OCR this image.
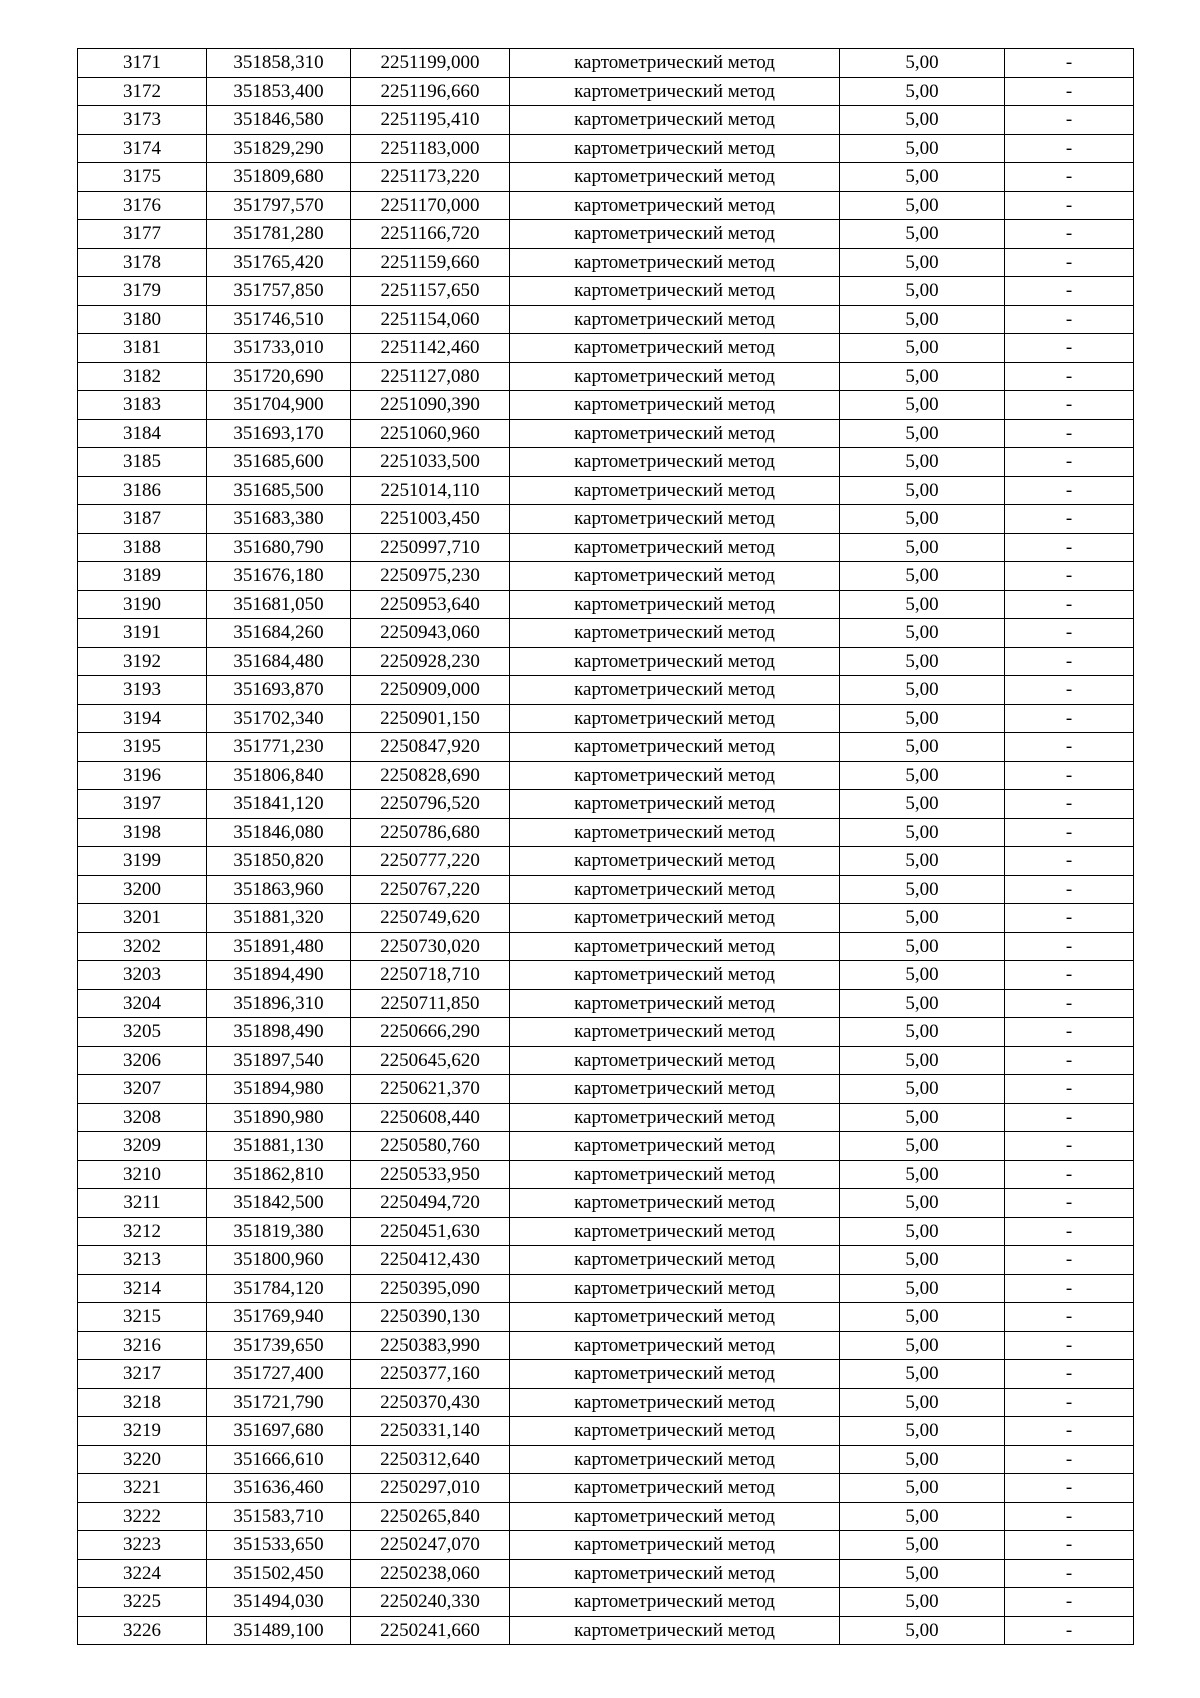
3171	351858,310	2251199,000	картометрический метод	5,00	-
3172	351853,400	2251196,660	картометрический метод	5,00	-
3173	351846,580	2251195,410	картометрический метод	5,00	-
3174	351829,290	2251183,000	картометрический метод	5,00	-
3175	351809,680	2251173,220	картометрический метод	5,00	-
3176	351797,570	2251170,000	картометрический метод	5,00	-
3177	351781,280	2251166,720	картометрический метод	5,00	-
3178	351765,420	2251159,660	картометрический метод	5,00	-
3179	351757,850	2251157,650	картометрический метод	5,00	-
3180	351746,510	2251154,060	картометрический метод	5,00	-
3181	351733,010	2251142,460	картометрический метод	5,00	-
3182	351720,690	2251127,080	картометрический метод	5,00	-
3183	351704,900	2251090,390	картометрический метод	5,00	-
3184	351693,170	2251060,960	картометрический метод	5,00	-
3185	351685,600	2251033,500	картометрический метод	5,00	-
3186	351685,500	2251014,110	картометрический метод	5,00	-
3187	351683,380	2251003,450	картометрический метод	5,00	-
3188	351680,790	2250997,710	картометрический метод	5,00	-
3189	351676,180	2250975,230	картометрический метод	5,00	-
3190	351681,050	2250953,640	картометрический метод	5,00	-
3191	351684,260	2250943,060	картометрический метод	5,00	-
3192	351684,480	2250928,230	картометрический метод	5,00	-
3193	351693,870	2250909,000	картометрический метод	5,00	-
3194	351702,340	2250901,150	картометрический метод	5,00	-
3195	351771,230	2250847,920	картометрический метод	5,00	-
3196	351806,840	2250828,690	картометрический метод	5,00	-
3197	351841,120	2250796,520	картометрический метод	5,00	-
3198	351846,080	2250786,680	картометрический метод	5,00	-
3199	351850,820	2250777,220	картометрический метод	5,00	-
3200	351863,960	2250767,220	картометрический метод	5,00	-
3201	351881,320	2250749,620	картометрический метод	5,00	-
3202	351891,480	2250730,020	картометрический метод	5,00	-
3203	351894,490	2250718,710	картометрический метод	5,00	-
3204	351896,310	2250711,850	картометрический метод	5,00	-
3205	351898,490	2250666,290	картометрический метод	5,00	-
3206	351897,540	2250645,620	картометрический метод	5,00	-
3207	351894,980	2250621,370	картометрический метод	5,00	-
3208	351890,980	2250608,440	картометрический метод	5,00	-
3209	351881,130	2250580,760	картометрический метод	5,00	-
3210	351862,810	2250533,950	картометрический метод	5,00	-
3211	351842,500	2250494,720	картометрический метод	5,00	-
3212	351819,380	2250451,630	картометрический метод	5,00	-
3213	351800,960	2250412,430	картометрический метод	5,00	-
3214	351784,120	2250395,090	картометрический метод	5,00	-
3215	351769,940	2250390,130	картометрический метод	5,00	-
3216	351739,650	2250383,990	картометрический метод	5,00	-
3217	351727,400	2250377,160	картометрический метод	5,00	-
3218	351721,790	2250370,430	картометрический метод	5,00	-
3219	351697,680	2250331,140	картометрический метод	5,00	-
3220	351666,610	2250312,640	картометрический метод	5,00	-
3221	351636,460	2250297,010	картометрический метод	5,00	-
3222	351583,710	2250265,840	картометрический метод	5,00	-
3223	351533,650	2250247,070	картометрический метод	5,00	-
3224	351502,450	2250238,060	картометрический метод	5,00	-
3225	351494,030	2250240,330	картометрический метод	5,00	-
3226	351489,100	2250241,660	картометрический метод	5,00	-
